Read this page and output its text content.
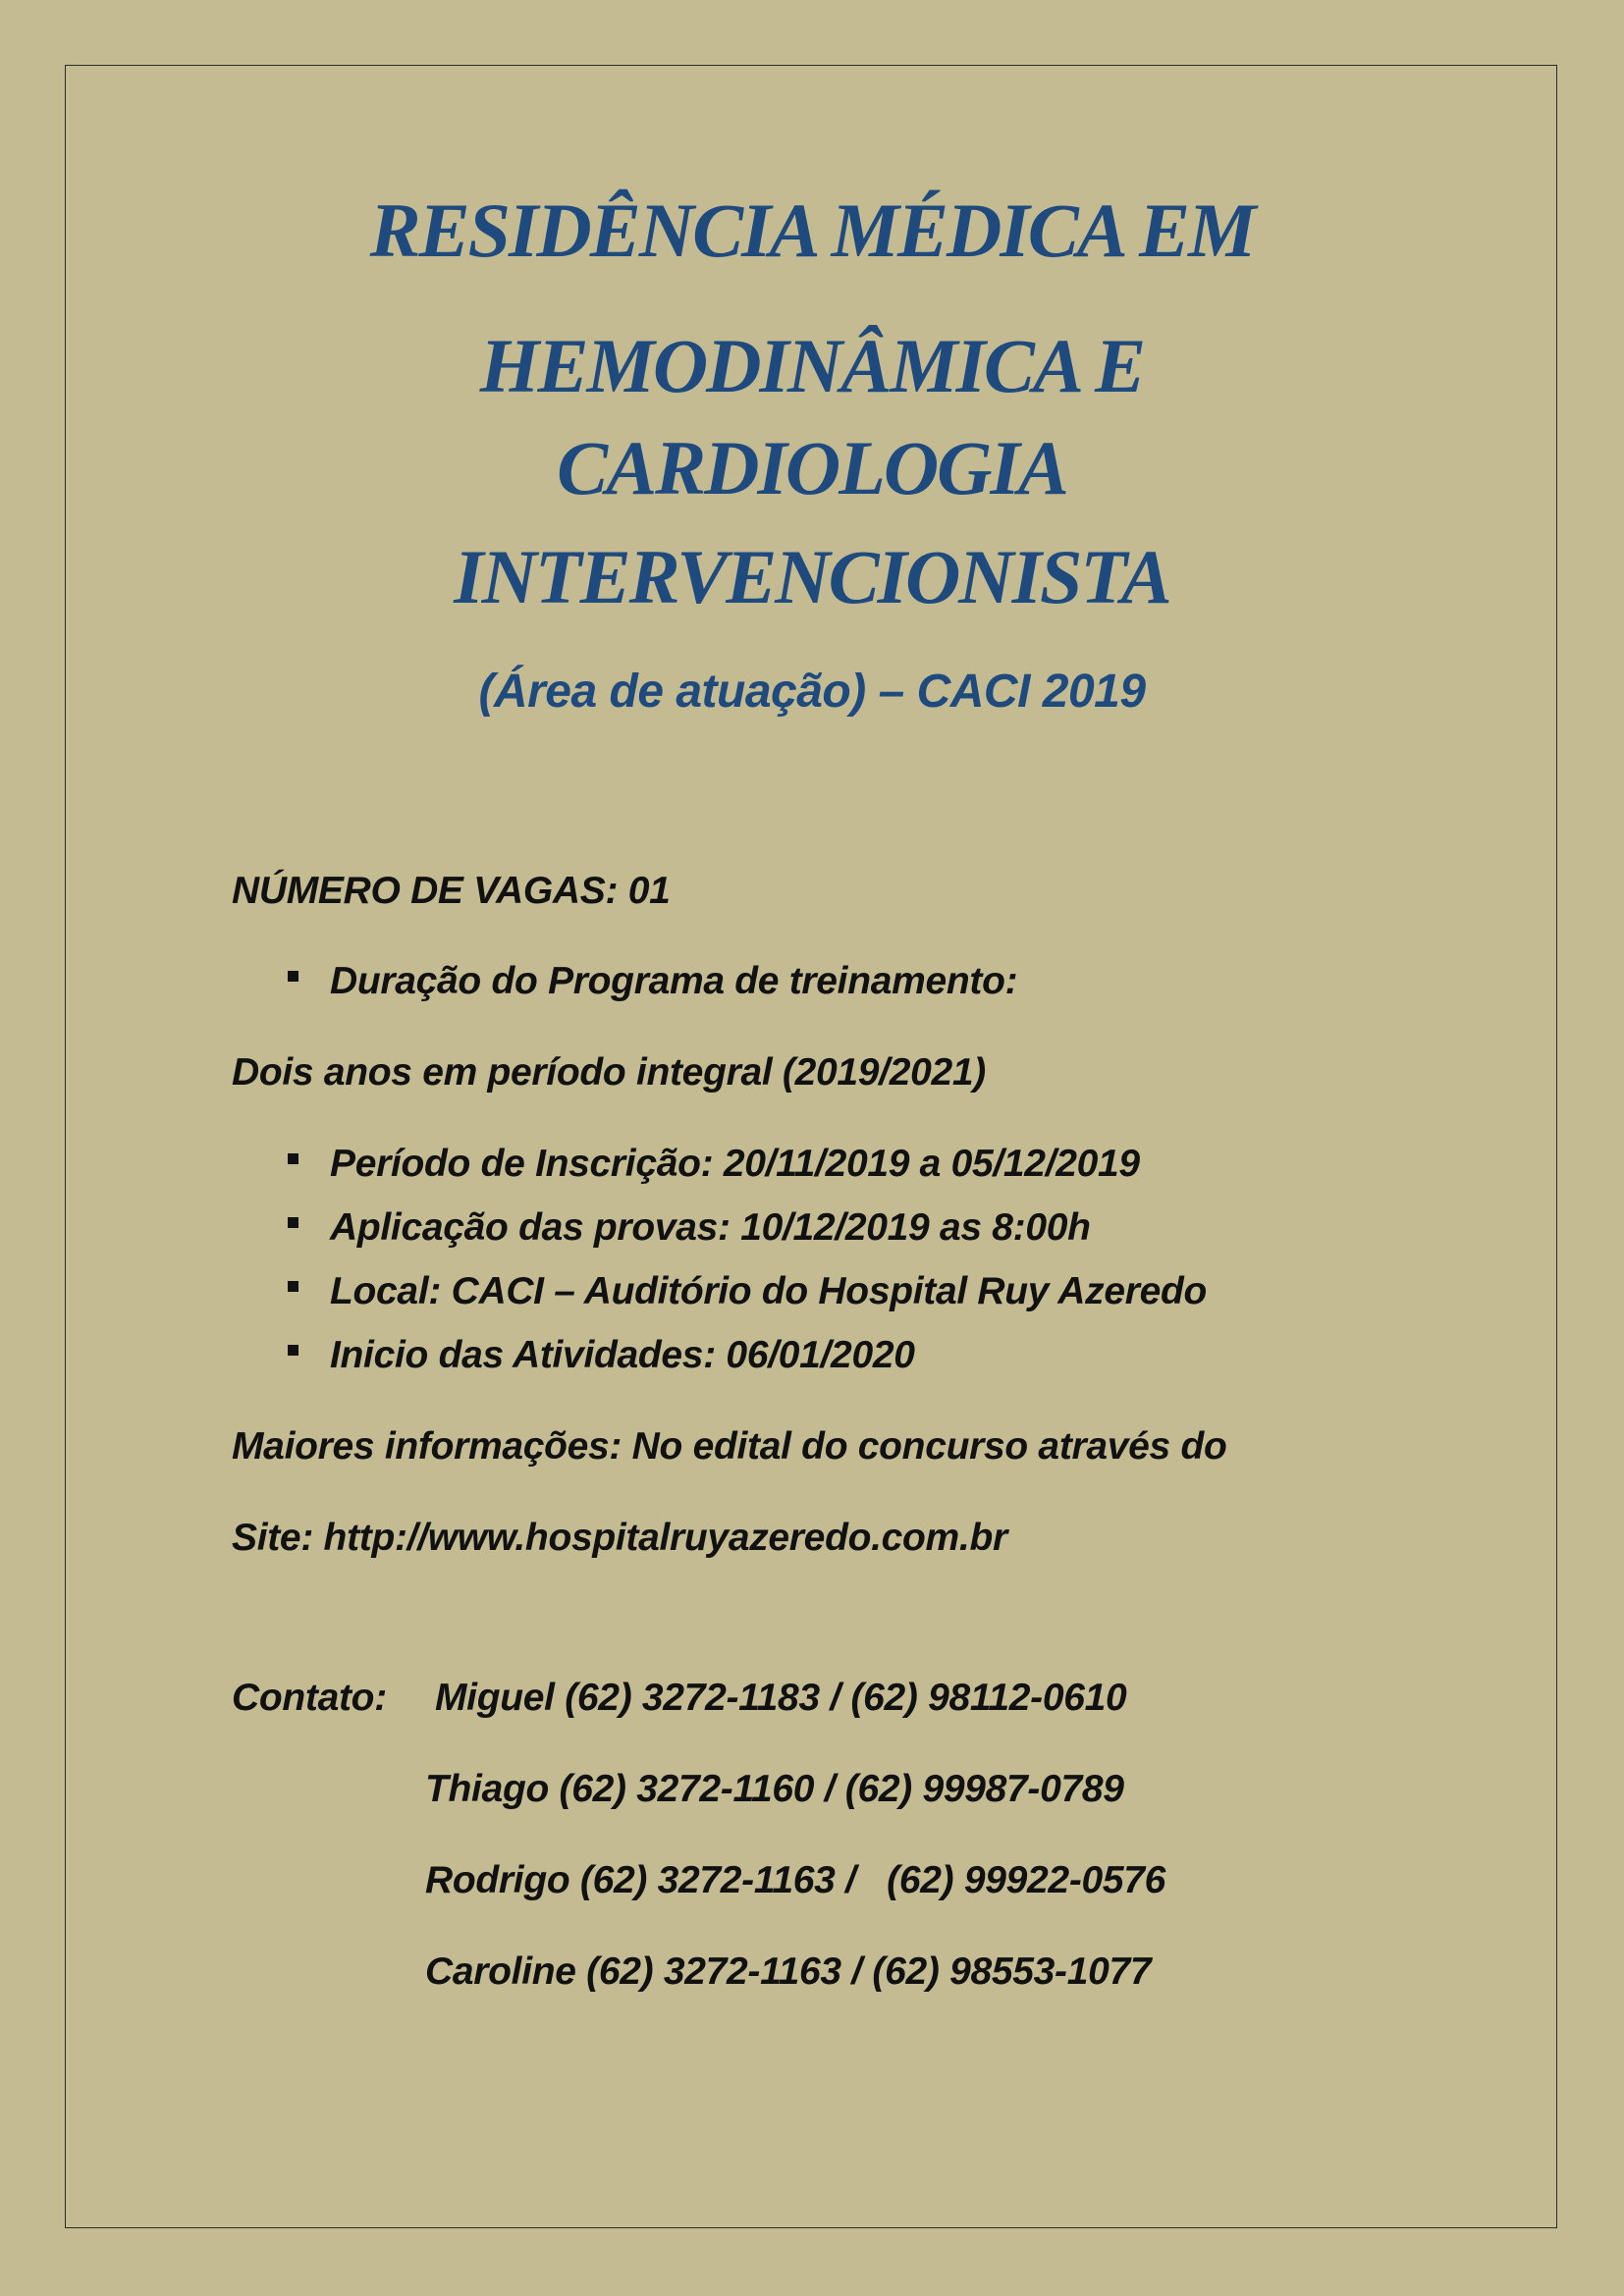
RESIDÊNCIA MÉDICA EM
HEMODINÂMICA E
CARDIOLOGIA
INTERVENCIONISTA
(Área de atuação) – CACI 2019
NÚMERO DE VAGAS: 01
Duração do Programa de treinamento:
Dois anos em período integral (2019/2021)
Período de Inscrição: 20/11/2019 a 05/12/2019
Aplicação das provas: 10/12/2019 as 8:00h
Local: CACI – Auditório do Hospital Ruy Azeredo
Inicio das Atividades: 06/01/2020
Maiores informações: No edital do concurso através do
Site: http://www.hospitalruyazeredo.com.br
Contato: Miguel (62) 3272-1183 / (62) 98112-0610
Thiago (62) 3272-1160 / (62) 99987-0789
Rodrigo (62) 3272-1163 /   (62) 99922-0576
Caroline (62) 3272-1163 / (62) 98553-1077
